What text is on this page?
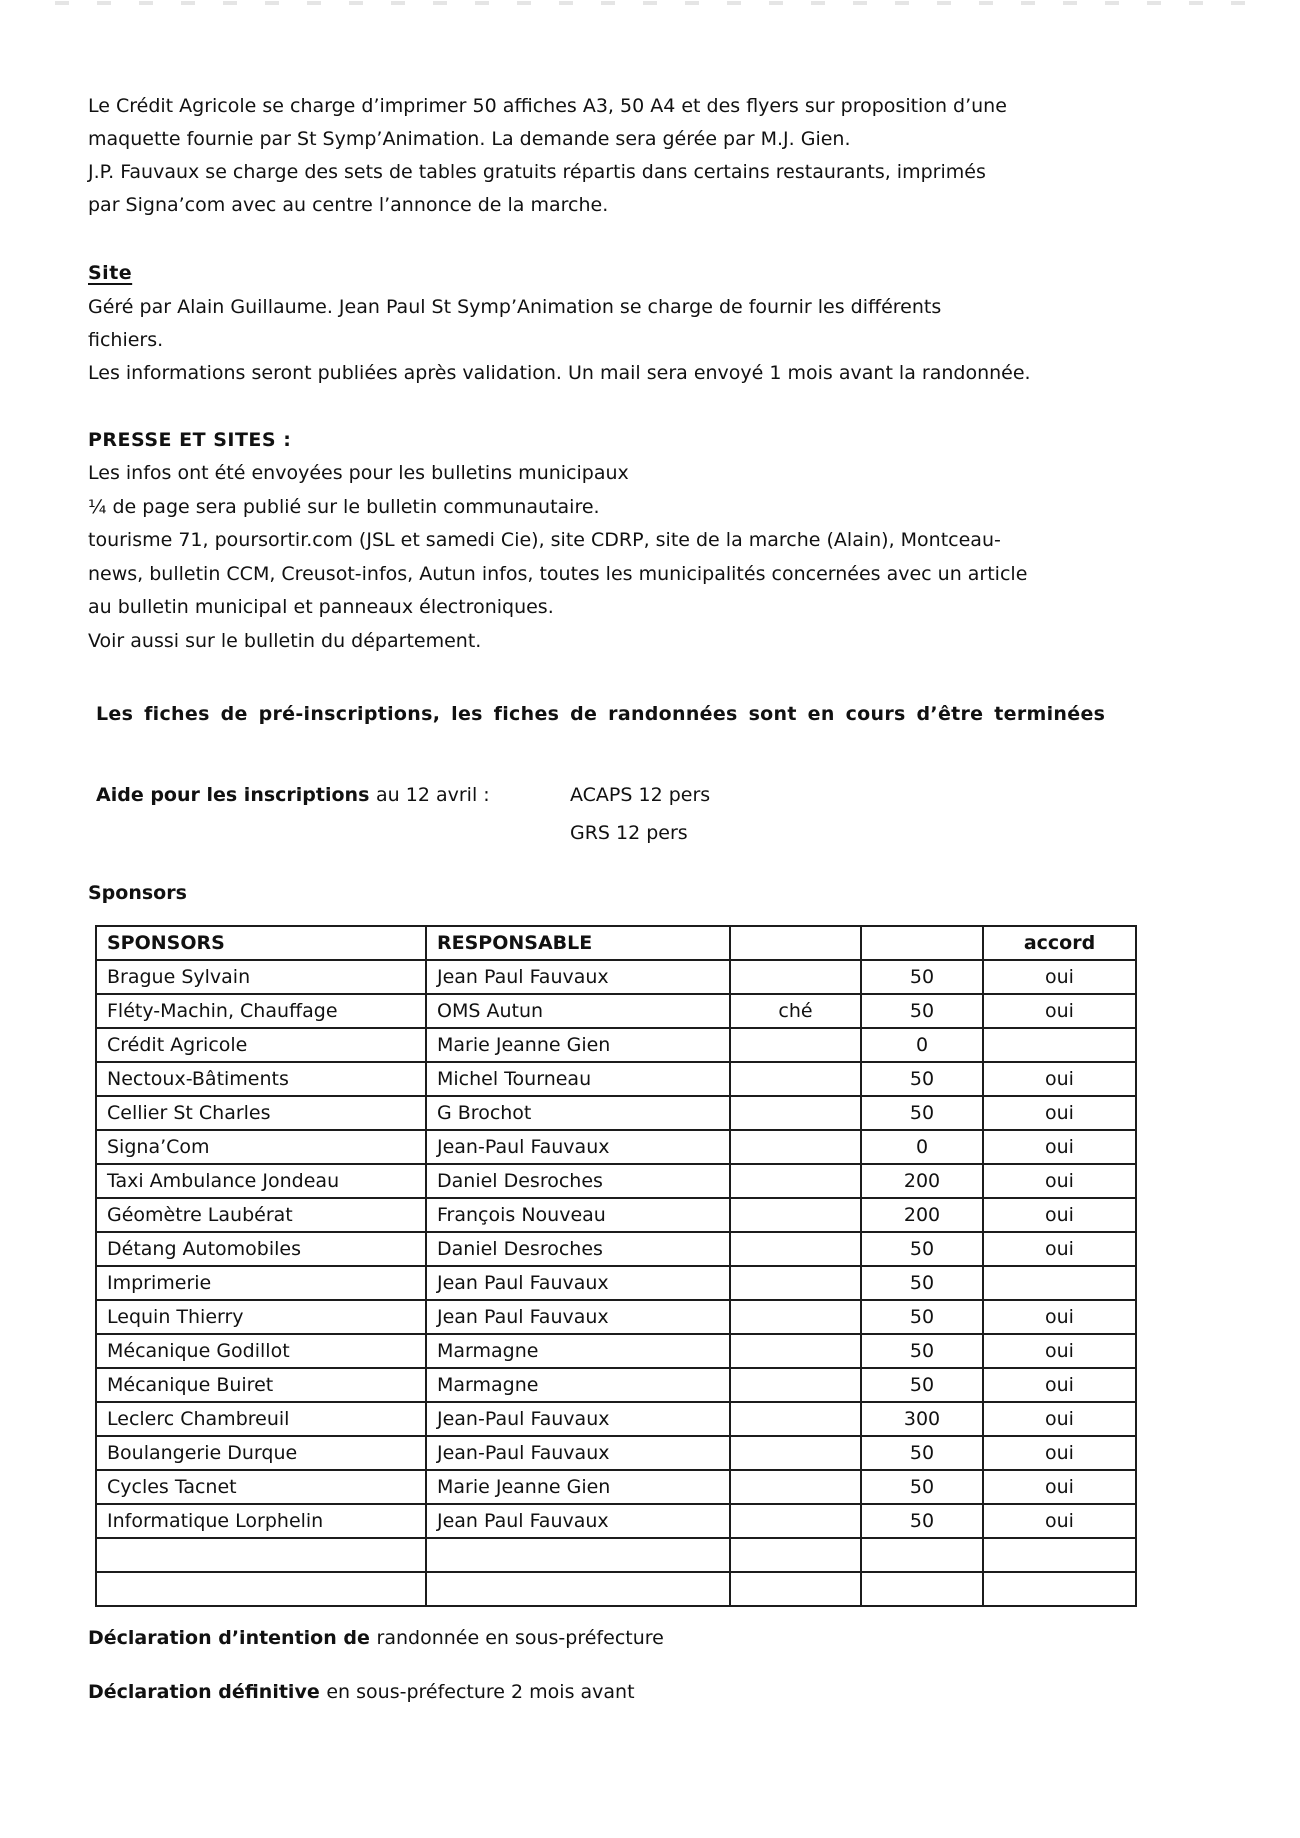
Le Crédit Agricole se charge d’imprimer 50 affiches A3, 50 A4 et des flyers sur proposition d’une
maquette fournie par St Symp’Animation. La demande sera gérée par M.J. Gien.
J.P. Fauvaux se charge des sets de tables gratuits répartis dans certains restaurants, imprimés
par Signa’com avec au centre l’annonce de la marche.
Site
Géré par Alain Guillaume. Jean Paul St Symp’Animation se charge de fournir les différents
fichiers.
Les informations seront publiées après validation. Un mail sera envoyé 1 mois avant la randonnée.
PRESSE ET SITES :
Les infos ont été envoyées pour les bulletins municipaux
¼ de page sera publié sur le bulletin communautaire.
tourisme 71, poursortir.com (JSL et samedi Cie), site CDRP, site de la marche (Alain), Montceau-
news, bulletin CCM, Creusot-infos, Autun infos, toutes les municipalités concernées avec un article
au bulletin municipal et panneaux électroniques.
Voir aussi sur le bulletin du département.
Les fiches de pré-inscriptions, les fiches de randonnées sont en cours d’être terminées
Aide pour les inscriptions au 12 avril :	ACAPS 12 pers
GRS 12 pers
Sponsors
SPONSORS	RESPONSABLE			accord
Brague Sylvain	Jean Paul Fauvaux		50	oui
Fléty-Machin, Chauffage	OMS Autun	ché	50	oui
Crédit Agricole	Marie Jeanne Gien		0	
Nectoux-Bâtiments	Michel Tourneau		50	oui
Cellier St Charles	G Brochot		50	oui
Signa’Com	Jean-Paul Fauvaux		0	oui
Taxi Ambulance Jondeau	Daniel Desroches		200	oui
Géomètre Laubérat	François Nouveau		200	oui
Détang Automobiles	Daniel Desroches		50	oui
Imprimerie	Jean Paul Fauvaux		50	
Lequin Thierry	Jean Paul Fauvaux		50	oui
Mécanique Godillot	Marmagne		50	oui
Mécanique Buiret	Marmagne		50	oui
Leclerc Chambreuil	Jean-Paul Fauvaux		300	oui
Boulangerie Durque	Jean-Paul Fauvaux		50	oui
Cycles Tacnet	Marie Jeanne Gien		50	oui
Informatique Lorphelin	Jean Paul Fauvaux		50	oui

Déclaration d’intention de randonnée en sous-préfecture
Déclaration définitive en sous-préfecture 2 mois avant
